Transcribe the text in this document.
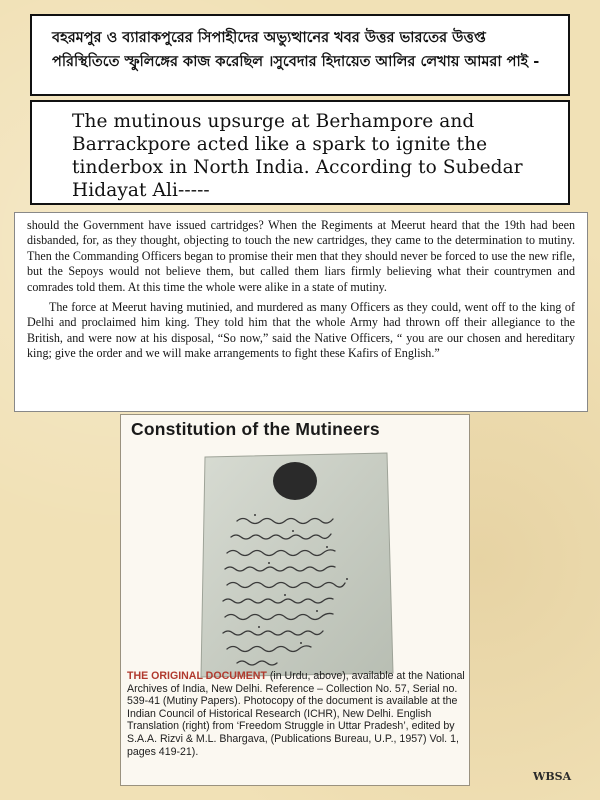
বহরমপুর ও ব্যারাকপুরের সিপাহীদের অভ্যুত্থানের খবর উত্তর ভারতের উত্তপ্ত পরিস্থিতিতে স্ফুলিঙ্গের কাজ করেছিল ।সুবেদার হিদায়েত আলির লেখায় আমরা পাই -
The mutinous upsurge at Berhampore and Barrackpore acted like a spark to ignite the tinderbox in North India. According to Subedar Hidayat Ali-----

should the Government have issued cartridges? When the Regiments at Meerut heard that the 19th had been disbanded, for, as they thought, objecting to touch the new cartridges, they came to the determination to mutiny. Then the Commanding Officers began to promise their men that they should never be forced to use the new rifle, but the Sepoys would not believe them, but called them liars firmly believing what their countrymen and comrades told them. At this time the whole were alike in a state of mutiny.

The force at Meerut having mutinied, and murdered as many Officers as they could, went off to the king of Delhi and proclaimed him king. They told him that the whole Army had thrown off their allegiance to the British, and were now at his disposal, “So now,” said the Native Officers, “ you are our chosen and hereditary king; give the order and we will make arrangements to fight these Kafirs of English.”

Constitution of the Mutineers
THE ORIGINAL DOCUMENT (in Urdu, above), available at the National Archives of India, New Delhi. Reference – Collection No. 57, Serial no. 539-41 (Mutiny Papers). Photocopy of the document is available at the Indian Council of Historical Research (ICHR), New Delhi. English Translation (right) from ‘Freedom Struggle in Uttar Pradesh’, edited by S.A.A. Rizvi & M.L. Bhargava, (Publications Bureau, U.P., 1957) Vol. 1, pages 419-21).
WBSA
